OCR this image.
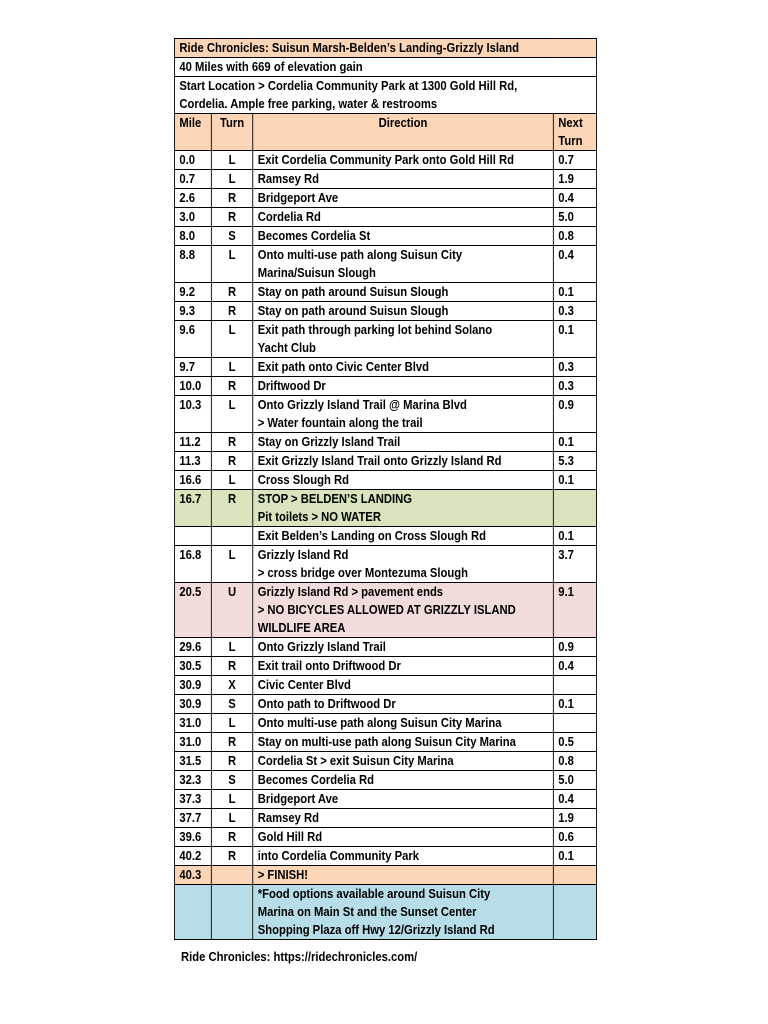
Ride Chronicles: Suisun Marsh-Belden’s Landing-Grizzly Island			
40 Miles with 669 of elevation gain			
Start Location > Cordelia Community Park at 1300 Gold Hill Rd,
Cordelia. Ample free parking, water & restrooms			
Mile	Turn	Direction	Next
Turn
0.0	L	Exit Cordelia Community Park onto Gold Hill Rd	0.7
0.7	L	Ramsey Rd	1.9
2.6	R	Bridgeport Ave	0.4
3.0	R	Cordelia Rd	5.0
8.0	S	Becomes Cordelia St	0.8
8.8	L	Onto multi-use path along Suisun City
Marina/Suisun Slough	0.4
9.2	R	Stay on path around Suisun Slough	0.1
9.3	R	Stay on path around Suisun Slough	0.3
9.6	L	Exit path through parking lot behind Solano
Yacht Club	0.1
9.7	L	Exit path onto Civic Center Blvd	0.3
10.0	R	Driftwood Dr	0.3
10.3	L	Onto Grizzly Island Trail @ Marina Blvd
> Water fountain along the trail	0.9
11.2	R	Stay on Grizzly Island Trail	0.1
11.3	R	Exit Grizzly Island Trail onto Grizzly Island Rd	5.3
16.6	L	Cross Slough Rd	0.1
16.7	R	STOP > BELDEN’S LANDING
Pit toilets > NO WATER	
		Exit Belden’s Landing on Cross Slough Rd	0.1
16.8	L	Grizzly Island Rd
> cross bridge over Montezuma Slough	3.7
20.5	U	Grizzly Island Rd > pavement ends
> NO BICYCLES ALLOWED AT GRIZZLY ISLAND
WILDLIFE AREA	9.1
29.6	L	Onto Grizzly Island Trail	0.9
30.5	R	Exit trail onto Driftwood Dr	0.4
30.9	X	Civic Center Blvd	
30.9	S	Onto path to Driftwood Dr	0.1
31.0	L	Onto multi-use path along Suisun City Marina	
31.0	R	Stay on multi-use path along Suisun City Marina	0.5
31.5	R	Cordelia St > exit Suisun City Marina	0.8
32.3	S	Becomes Cordelia Rd	5.0
37.3	L	Bridgeport Ave	0.4
37.7	L	Ramsey Rd	1.9
39.6	R	Gold Hill Rd	0.6
40.2	R	into Cordelia Community Park	0.1
40.3		> FINISH!	
		*Food options available around Suisun City
Marina on Main St and the Sunset Center
Shopping Plaza off Hwy 12/Grizzly Island Rd	
Ride Chronicles: https://ridechronicles.com/
